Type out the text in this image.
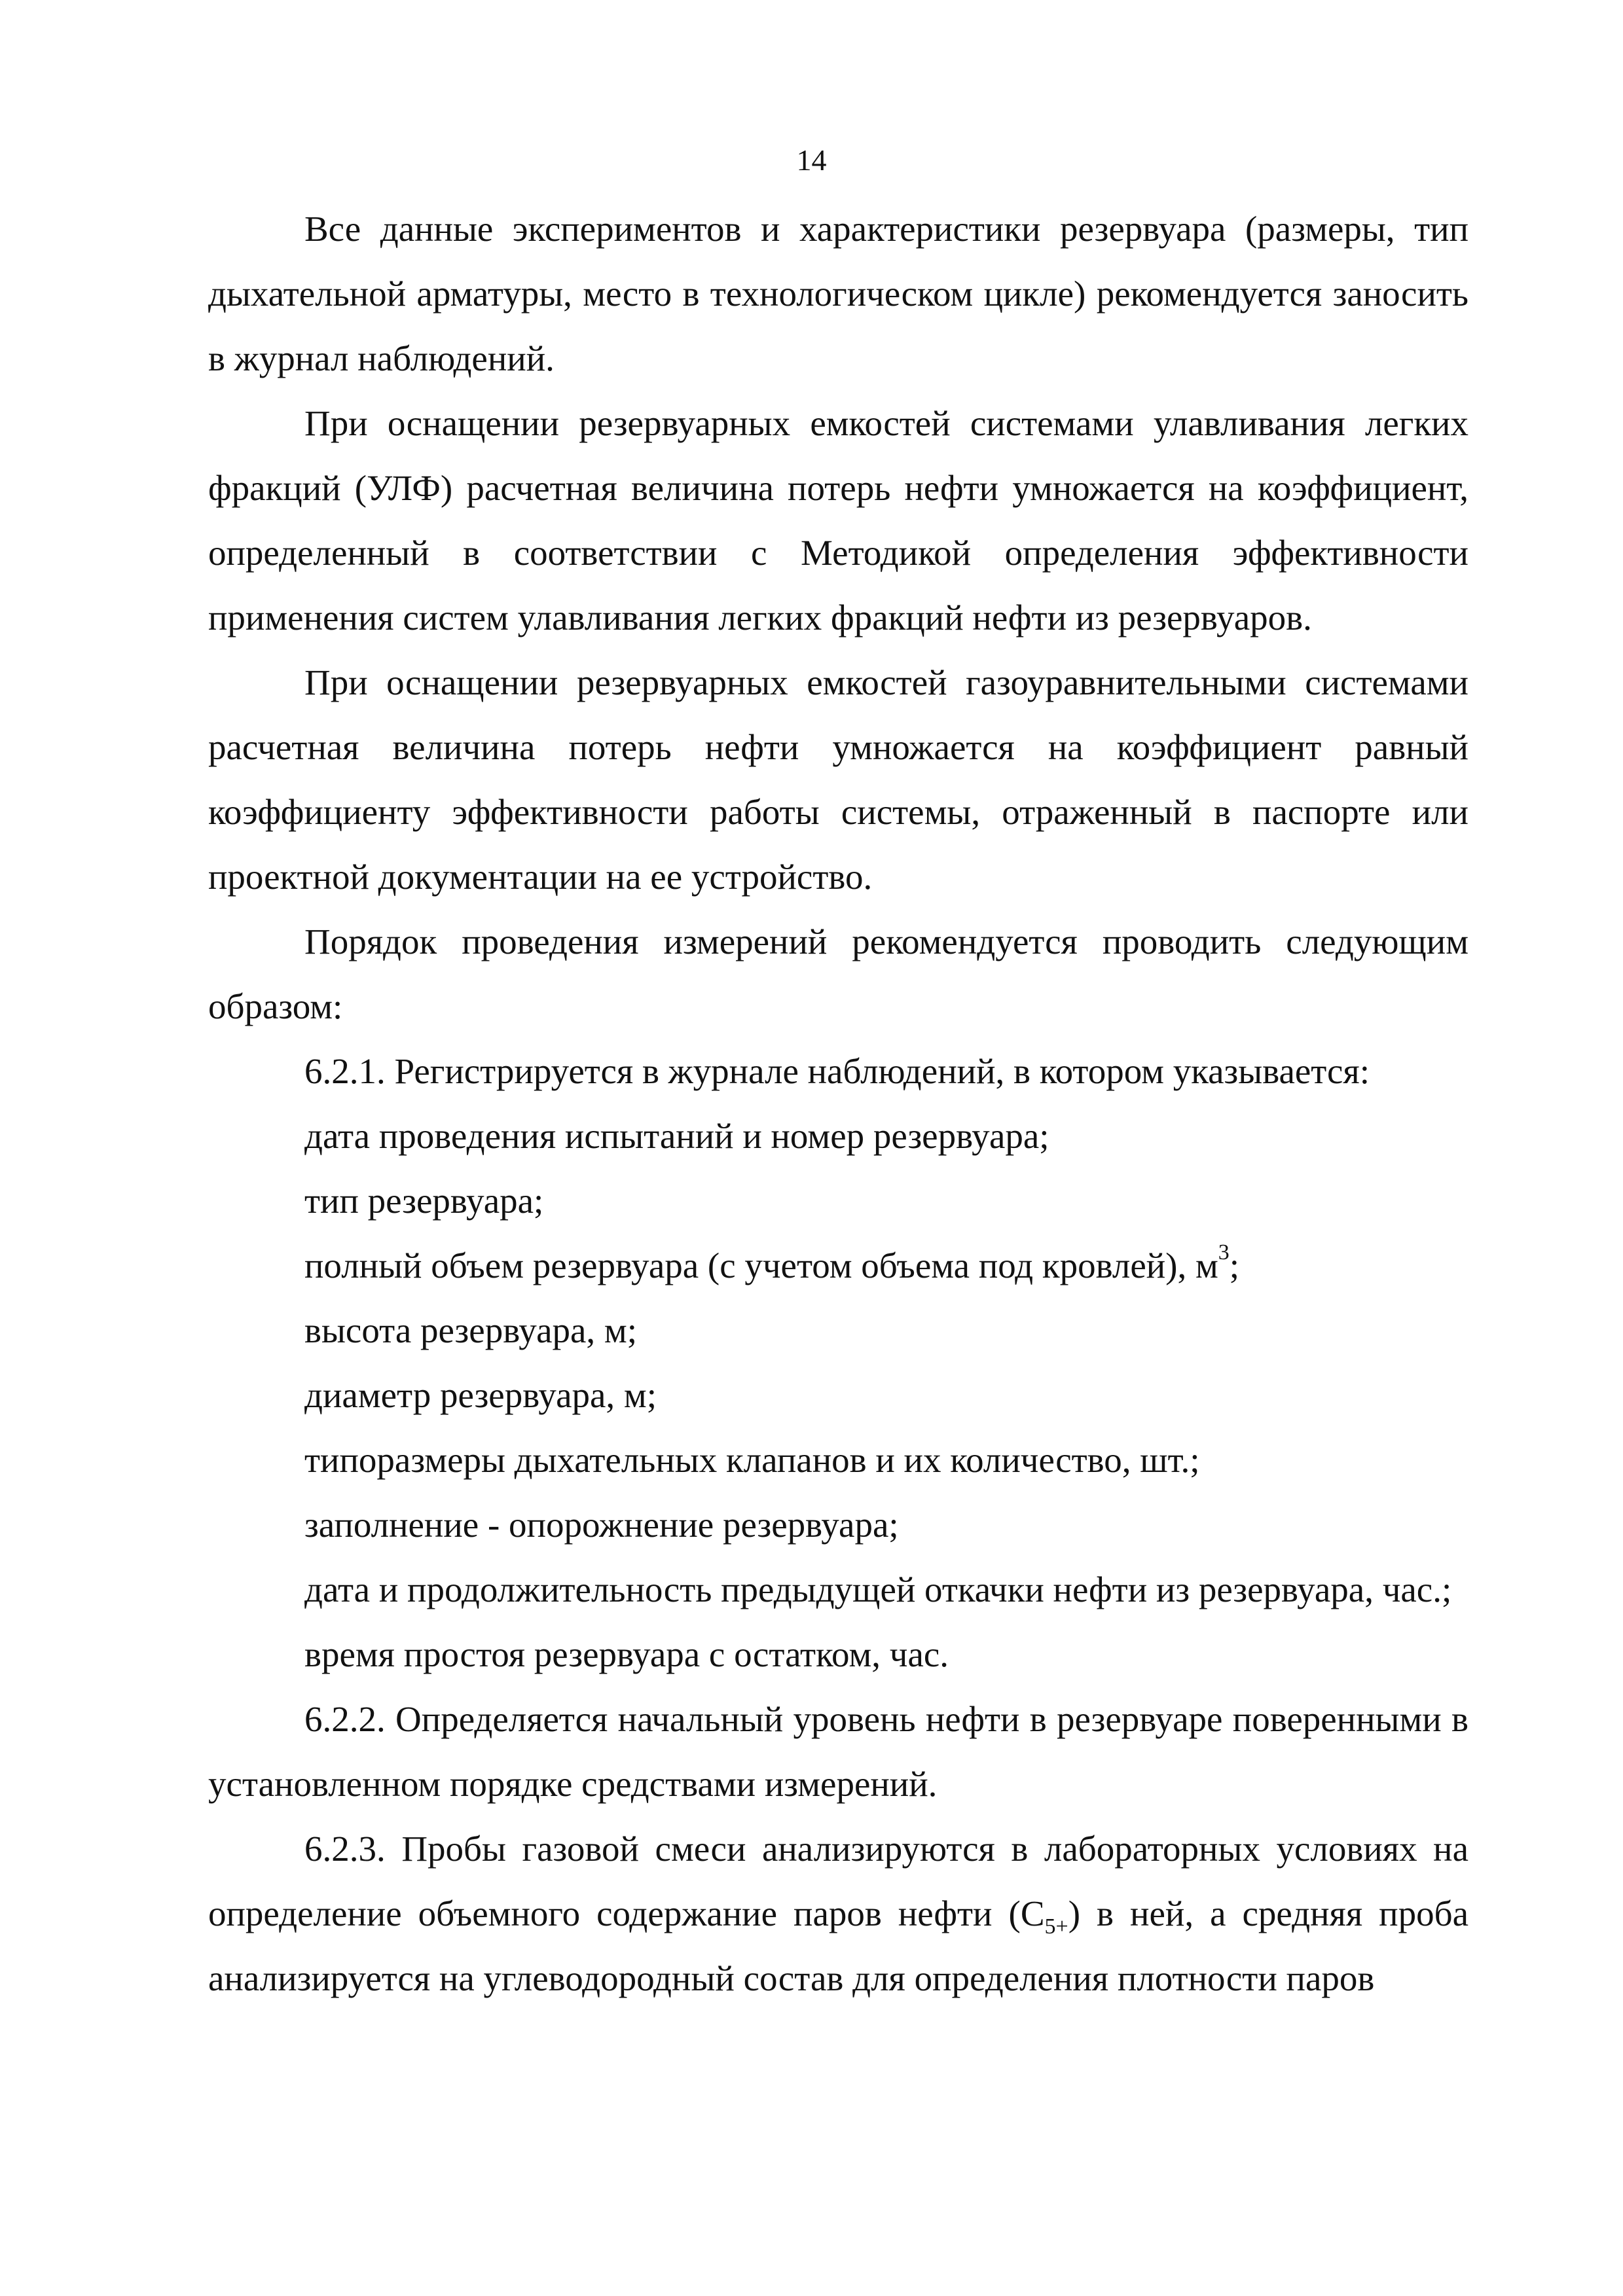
14

Все данные экспериментов и характеристики резервуара (размеры, тип дыхательной арматуры, место в технологическом цикле) рекомендуется заносить в журнал наблюдений.

При оснащении резервуарных емкостей системами улавливания легких фракций (УЛФ) расчетная величина потерь нефти умножается на коэффициент, определенный в соответствии с Методикой определения эффективности применения систем улавливания легких фракций нефти из резервуаров.

При оснащении резервуарных емкостей газоуравнительными системами расчетная величина потерь нефти умножается на коэффициент равный коэффициенту эффективности работы системы, отраженный в паспорте или проектной документации на ее устройство.

Порядок проведения измерений рекомендуется проводить следующим образом:

6.2.1. Регистрируется в журнале наблюдений, в котором указывается:

дата проведения испытаний и номер резервуара;

тип резервуара;

полный объем резервуара (с учетом объема под кровлей), $м^3$;

высота резервуара, м;

диаметр резервуара, м;

типоразмеры дыхательных клапанов и их количество, шт.;

заполнение - опорожнение резервуара;

дата и продолжительность предыдущей откачки нефти из резервуара, час.;

время простоя резервуара с остатком, час.

6.2.2. Определяется начальный уровень нефти в резервуаре поверенными в установленном порядке средствами измерений.

6.2.3. Пробы газовой смеси анализируются в лабораторных условиях на определение объемного содержание паров нефти $(С_{5+})$ в ней, а средняя проба анализируется на углеводородный состав для определения плотности паров
